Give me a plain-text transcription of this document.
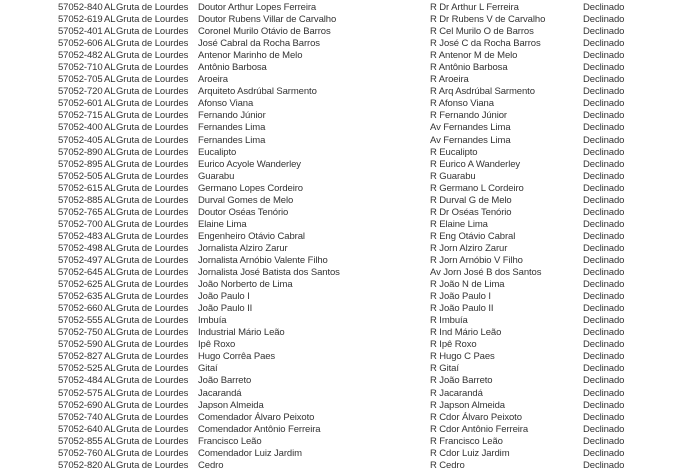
57052-840 AL Gruta de Lourdes Doutor Arthur Lopes Ferreira	R Dr Arthur L Ferreira	Declinado
57052-619 AL Gruta de Lourdes Doutor Rubens Villar de Carvalho	R Dr Rubens V de Carvalho	Declinado
57052-401 AL Gruta de Lourdes Coronel Murilo Otávio de Barros	R Cel Murilo O de Barros	Declinado
57052-606 AL Gruta de Lourdes José Cabral da Rocha Barros	R José C da Rocha Barros	Declinado
57052-482 AL Gruta de Lourdes Antenor Marinho de Melo	R Antenor M de Melo	Declinado
57052-710 AL Gruta de Lourdes Antônio Barbosa	R Antônio Barbosa	Declinado
57052-705 AL Gruta de Lourdes Aroeira	R Aroeira	Declinado
57052-720 AL Gruta de Lourdes Arquiteto Asdrúbal Sarmento	R Arq Asdrúbal Sarmento	Declinado
57052-601 AL Gruta de Lourdes Afonso Viana	R Afonso Viana	Declinado
57052-715 AL Gruta de Lourdes Fernando Júnior	R Fernando Júnior	Declinado
57052-400 AL Gruta de Lourdes Fernandes Lima	Av Fernandes Lima	Declinado
57052-405 AL Gruta de Lourdes Fernandes Lima	Av Fernandes Lima	Declinado
57052-890 AL Gruta de Lourdes Eucalipto	R Eucalipto	Declinado
57052-895 AL Gruta de Lourdes Eurico Acyole Wanderley	R Eurico A Wanderley	Declinado
57052-505 AL Gruta de Lourdes Guarabu	R Guarabu	Declinado
57052-615 AL Gruta de Lourdes Germano Lopes Cordeiro	R Germano L Cordeiro	Declinado
57052-885 AL Gruta de Lourdes Durval Gomes de Melo	R Durval G de Melo	Declinado
57052-765 AL Gruta de Lourdes Doutor Oséas Tenório	R Dr Oséas Tenório	Declinado
57052-700 AL Gruta de Lourdes Elaine Lima	R Elaine Lima	Declinado
57052-483 AL Gruta de Lourdes Engenheiro Otávio Cabral	R Eng Otávio Cabral	Declinado
57052-498 AL Gruta de Lourdes Jornalista Alziro Zarur	R Jorn Alziro Zarur	Declinado
57052-497 AL Gruta de Lourdes Jornalista Arnóbio Valente Filho	R Jorn Arnóbio V Filho	Declinado
57052-645 AL Gruta de Lourdes Jornalista José Batista dos Santos	Av Jorn José B dos Santos	Declinado
57052-625 AL Gruta de Lourdes João Norberto de Lima	R João N de Lima	Declinado
57052-635 AL Gruta de Lourdes João Paulo I	R João Paulo I	Declinado
57052-660 AL Gruta de Lourdes João Paulo II	R João Paulo II	Declinado
57052-555 AL Gruta de Lourdes Imbuía	R Imbuía	Declinado
57052-750 AL Gruta de Lourdes Industrial Mário Leão	R Ind Mário Leão	Declinado
57052-590 AL Gruta de Lourdes Ipê Roxo	R Ipê Roxo	Declinado
57052-827 AL Gruta de Lourdes Hugo Corrêa Paes	R Hugo C Paes	Declinado
57052-525 AL Gruta de Lourdes Gitaí	R Gitaí	Declinado
57052-484 AL Gruta de Lourdes João Barreto	R João Barreto	Declinado
57052-575 AL Gruta de Lourdes Jacarandá	R Jacarandá	Declinado
57052-690 AL Gruta de Lourdes Japson Almeida	R Japson Almeida	Declinado
57052-740 AL Gruta de Lourdes Comendador Álvaro Peixoto	R Cdor Álvaro Peixoto	Declinado
57052-640 AL Gruta de Lourdes Comendador Antônio Ferreira	R Cdor Antônio Ferreira	Declinado
57052-855 AL Gruta de Lourdes Francisco Leão	R Francisco Leão	Declinado
57052-760 AL Gruta de Lourdes Comendador Luiz Jardim	R Cdor Luiz Jardim	Declinado
57052-820 AL Gruta de Lourdes Cedro	R Cedro	Declinado
